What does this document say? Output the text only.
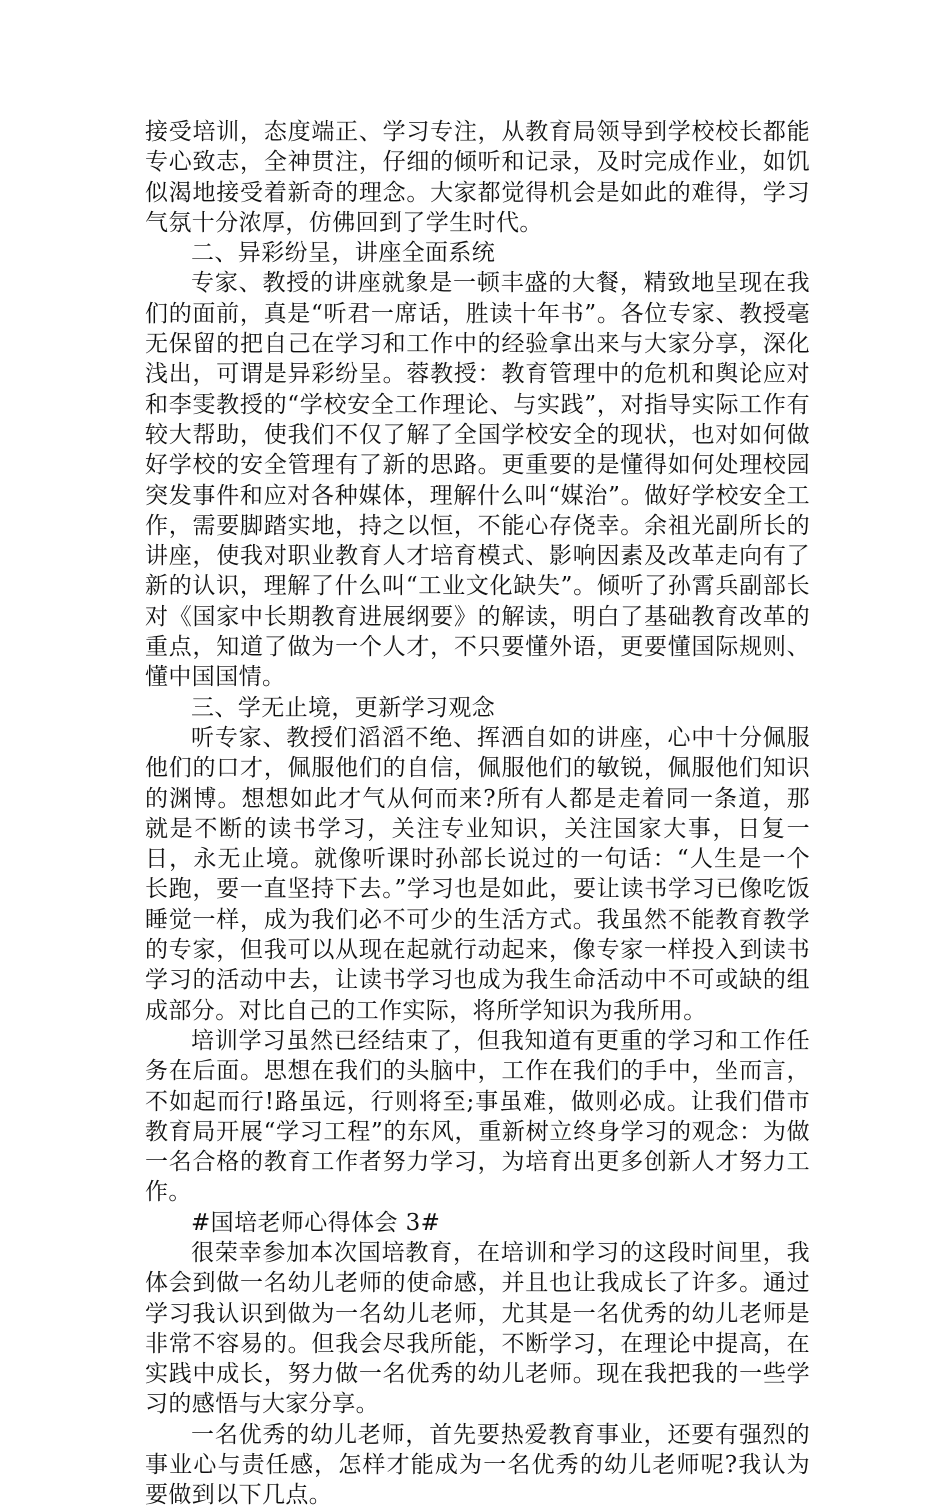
接受培训，态度端正、学习专注，从教育局领导到学校校长都能专心致志，全神贯注，仔细的倾听和记录，及时完成作业，如饥似渴地接受着新奇的理念。大家都觉得机会是如此的难得，学习气氛十分浓厚，仿佛回到了学生时代。

二、异彩纷呈，讲座全面系统

专家、教授的讲座就象是一顿丰盛的大餐，精致地呈现在我们的面前，真是“听君一席话，胜读十年书”。各位专家、教授毫无保留的把自己在学习和工作中的经验拿出来与大家分享，深化浅出，可谓是异彩纷呈。蓉教授：教育管理中的危机和舆论应对和李雯教授的“学校安全工作理论、与实践”，对指导实际工作有较大帮助，使我们不仅了解了全国学校安全的现状，也对如何做好学校的安全管理有了新的思路。更重要的是懂得如何处理校园突发事件和应对各种媒体，理解什么叫“媒治”。做好学校安全工作，需要脚踏实地，持之以恒，不能心存侥幸。余祖光副所长的讲座，使我对职业教育人才培育模式、影响因素及改革走向有了新的认识，理解了什么叫“工业文化缺失”。倾听了孙霄兵副部长对《国家中长期教育进展纲要》的解读，明白了基础教育改革的重点，知道了做为一个人才，不只要懂外语，更要懂国际规则、懂中国国情。

三、学无止境，更新学习观念

听专家、教授们滔滔不绝、挥洒自如的讲座，心中十分佩服他们的口才，佩服他们的自信，佩服他们的敏锐，佩服他们知识的渊博。想想如此才气从何而来?所有人都是走着同一条道，那就是不断的读书学习，关注专业知识，关注国家大事，日复一日，永无止境。就像听课时孙部长说过的一句话：“人生是一个长跑，要一直坚持下去。”学习也是如此，要让读书学习已像吃饭睡觉一样，成为我们必不可少的生活方式。我虽然不能教育教学的专家，但我可以从现在起就行动起来，像专家一样投入到读书学习的活动中去，让读书学习也成为我生命活动中不可或缺的组成部分。对比自己的工作实际，将所学知识为我所用。

培训学习虽然已经结束了，但我知道有更重的学习和工作任务在后面。思想在我们的头脑中，工作在我们的手中，坐而言，不如起而行!路虽远，行则将至;事虽难，做则必成。让我们借市教育局开展“学习工程”的东风，重新树立终身学习的观念：为做一名合格的教育工作者努力学习，为培育出更多创新人才努力工作。

#国培老师心得体会 3#

很荣幸参加本次国培教育，在培训和学习的这段时间里，我体会到做一名幼儿老师的使命感，并且也让我成长了许多。通过学习我认识到做为一名幼儿老师，尤其是一名优秀的幼儿老师是非常不容易的。但我会尽我所能，不断学习，在理论中提高，在实践中成长，努力做一名优秀的幼儿老师。现在我把我的一些学习的感悟与大家分享。

一名优秀的幼儿老师，首先要热爱教育事业，还要有强烈的事业心与责任感，怎样才能成为一名优秀的幼儿老师呢?我认为要做到以下几点。
